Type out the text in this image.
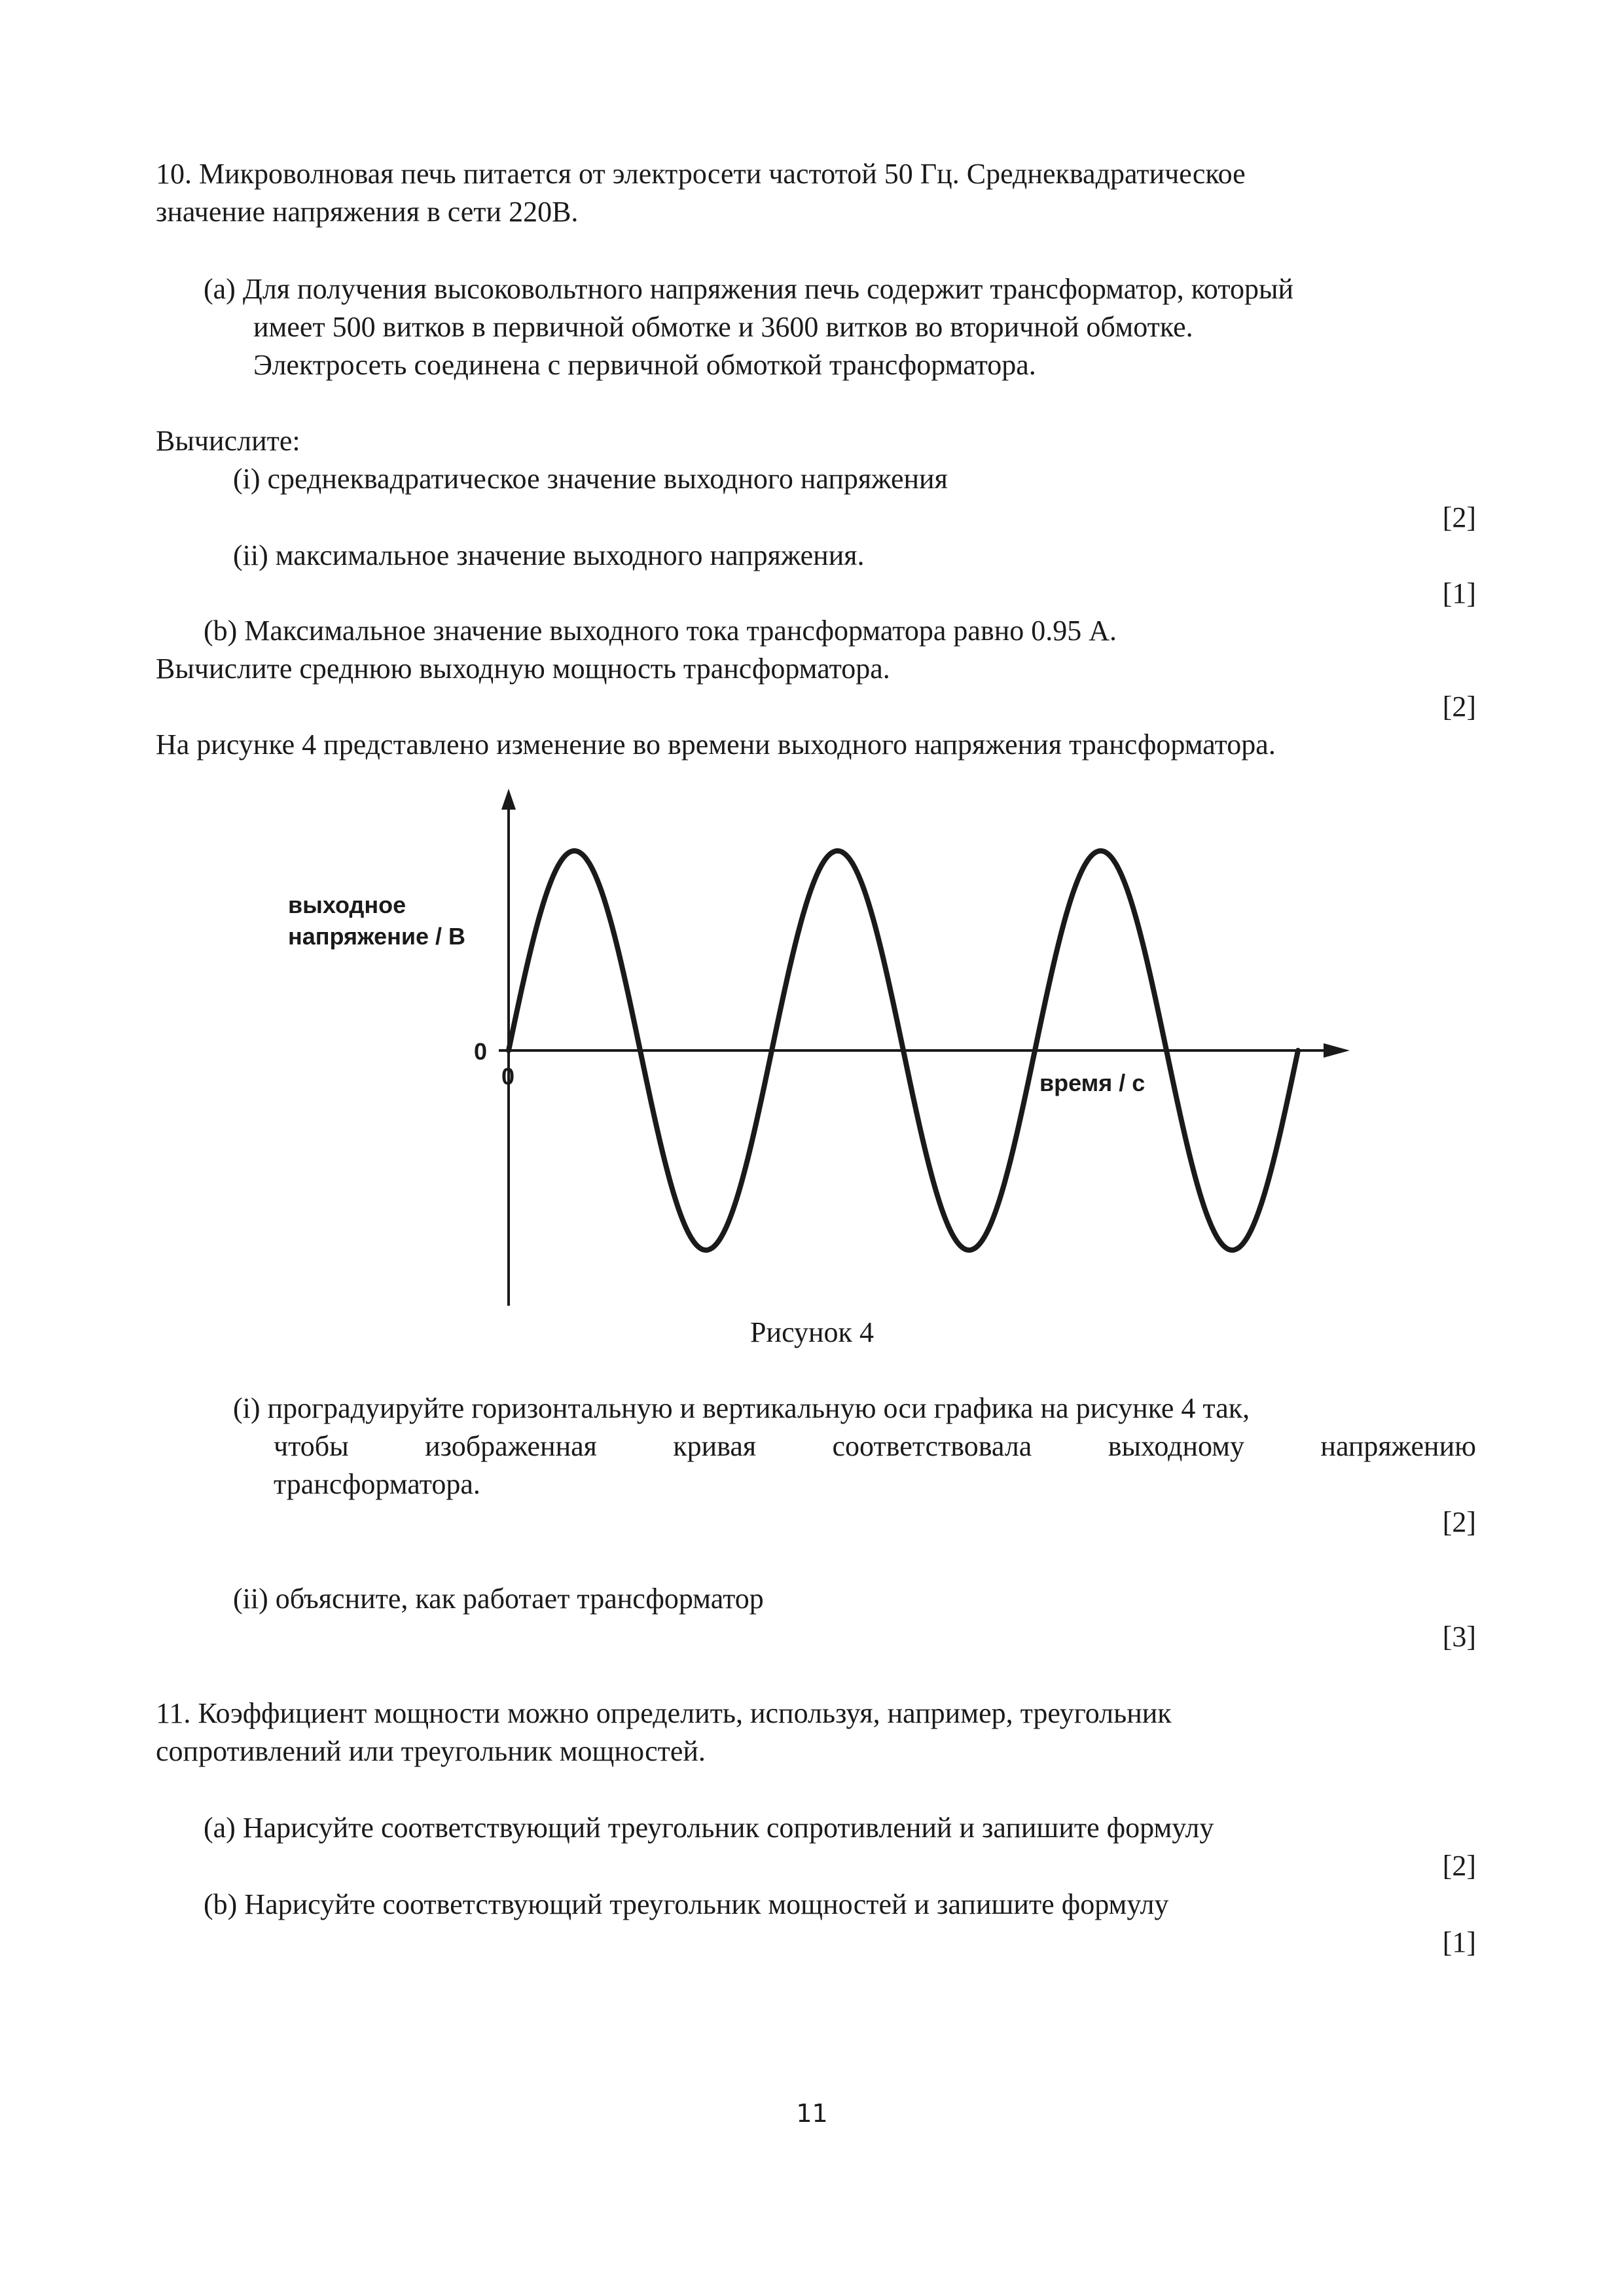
10. Микроволновая печь питается от электросети частотой 50 Гц. Среднеквадратическое
значение напряжения в сети 220В.
(a) Для получения высоковольтного напряжения печь содержит трансформатор, который
имеет 500 витков в первичной обмотке и 3600 витков во вторичной обмотке.
Электросеть соединена с первичной обмоткой трансформатора.
Вычислите:
(i) среднеквадратическое значение выходного напряжения
[2]
(ii) максимальное значение выходного напряжения.
[1]
(b) Максимальное значение выходного тока трансформатора равно 0.95 А.
Вычислите среднюю выходную мощность трансформатора.
[2]
На рисунке 4 представлено изменение во времени выходного напряжения трансформатора.
выходное
напряжение / В
0
0	время / с
Рисунок 4
(i) проградуируйте горизонтальную и вертикальную оси графика на рисунке 4 так,
чтобы изображенная кривая соответствовала выходному напряжению
трансформатора.
[2]
(ii) объясните, как работает трансформатор
[3]
11. Коэффициент мощности можно определить, используя, например, треугольник
сопротивлений или треугольник мощностей.
(a) Нарисуйте соответствующий треугольник сопротивлений и запишите формулу
[2]
(b) Нарисуйте соответствующий треугольник мощностей и запишите формулу
[1]
11
